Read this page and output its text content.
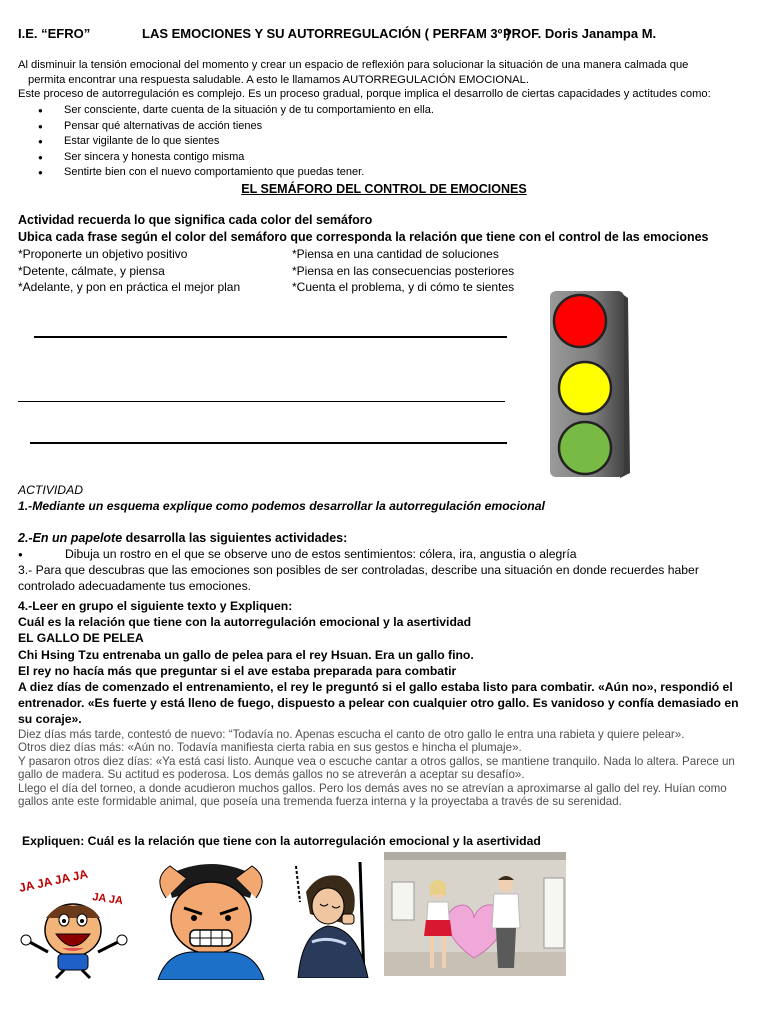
I.E. “EFRO”	LAS EMOCIONES Y SU AUTORREGULACIÓN ( PERFAM 3º )
PROF. Doris Janampa M.

Al disminuir la tensión emocional del momento y crear un espacio de reflexión para solucionar la situación de una manera calmada que

permita encontrar una respuesta saludable. A esto le llamamos AUTORREGULACIÓN EMOCIONAL.

Este proceso de autorregulación es complejo. Es un proceso gradual, porque implica el desarrollo de ciertas capacidades y actitudes como:

● Ser consciente, darte cuenta de la situación y de tu comportamiento en ella.
● Pensar qué alternativas de acción tienes
● Estar vigilante de lo que sientes
● Ser sincera y honesta contigo misma
● Sentirte bien con el nuevo comportamiento que puedas tener.
EL SEMÁFORO DEL CONTROL DE EMOCIONES
Actividad recuerda lo que significa cada color del semáforo
Ubica cada frase según el color del semáforo que corresponda la relación que tiene con el control de las emociones
*Proponerte un objetivo positivo
*Detente, cálmate, y piensa
*Adelante, y pon en práctica el mejor plan
*Piensa en una cantidad de soluciones
*Piensa en las consecuencias posteriores
*Cuenta el problema, y di cómo te sientes

ACTIVIDAD

1.-Mediante un esquema explique como podemos desarrollar la autorregulación emocional

2.-En un papelote desarrolla las siguientes actividades:

●	Dibuja un rostro en el que se observe uno de estos sentimientos: cólera, ira, angustia o alegría

3.- Para que descubras que las emociones son posibles de ser controladas, describe una situación en donde recuerdes haber controlado adecuadamente tus emociones.

4.-Leer en grupo el siguiente texto y Expliquen:

Cuál es la relación que tiene con la autorregulación emocional y la asertividad

EL GALLO DE PELEA

Chi Hsing Tzu entrenaba un gallo de pelea para el rey Hsuan. Era un gallo fino.

El rey no hacía más que preguntar si el ave estaba preparada para combatir

A diez días de comenzado el entrenamiento, el rey le preguntó si el gallo estaba listo para combatir. «Aún no», respondió el entrenador. «Es fuerte y está lleno de fuego, dispuesto a pelear con cualquier otro gallo. Es vanidoso y confía demasiado en su coraje».

Diez días más tarde, contestó de nuevo: “Todavía no. Apenas escucha el canto de otro gallo le entra una rabieta y quiere pelear».

Otros diez días más: «Aún no. Todavía manifiesta cierta rabia en sus gestos e hincha el plumaje».

Y pasaron otros diez días: «Ya está casi listo. Aunque vea o escuche cantar a otros gallos, se mantiene tranquilo. Nada lo altera. Parece un gallo de madera. Su actitud es poderosa. Los demás gallos no se atreverán a aceptar su desafío».

Llego el día del torneo, a donde acudieron muchos gallos. Pero los demás aves no se atrevían a aproximarse al gallo del rey. Huían como gallos ante este formidable animal, que poseía una tremenda fuerza interna y la proyectaba a través de su serenidad.

Expliquen: Cuál es la relación que tiene con la autorregulación emocional y la asertividad
JA JA JA JA
JA JA
